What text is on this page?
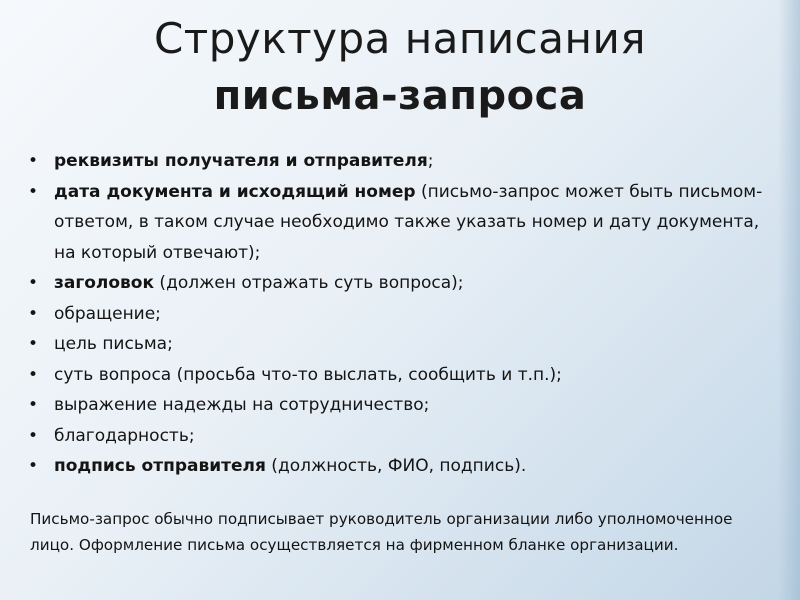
Структура написания
письма-запроса
• реквизиты получателя и отправителя;
• дата документа и исходящий номер (письмо-запрос может быть письмом-ответом, в таком случае необходимо также указать номер и дату документа, на который отвечают);
• заголовок (должен отражать суть вопроса);
• обращение;
• цель письма;
• суть вопроса (просьба что-то выслать, сообщить и т.п.);
• выражение надежды на сотрудничество;
• благодарность;
• подпись отправителя (должность, ФИО, подпись).
Письмо-запрос обычно подписывает руководитель организации либо уполномоченное лицо. Оформление письма осуществляется на фирменном бланке организации.
